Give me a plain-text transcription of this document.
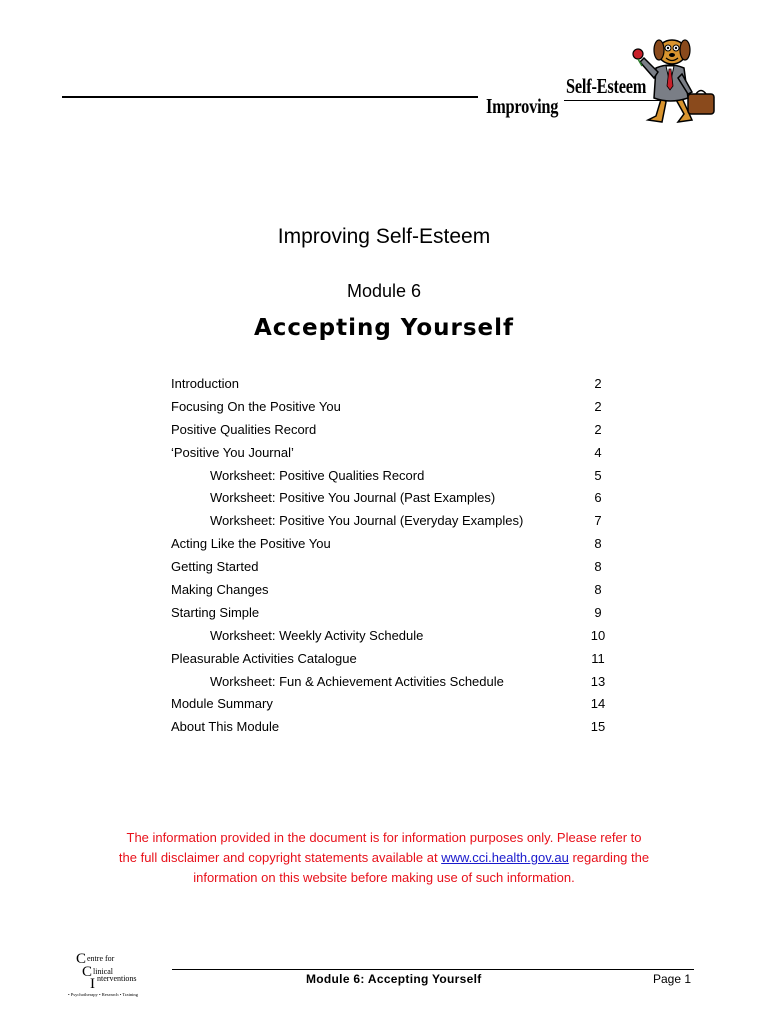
Self-Esteem
Improving
Improving Self-Esteem
Module 6
Accepting Yourself
Introduction	2
Focusing On the Positive You	2
Positive Qualities Record	2
‘Positive You Journal’	4
Worksheet: Positive Qualities Record	5
Worksheet: Positive You Journal (Past Examples)	6
Worksheet: Positive You Journal (Everyday Examples)	7
Acting Like the Positive You	8
Getting Started	8
Making Changes	8
Starting Simple	9
Worksheet: Weekly Activity Schedule	10
Pleasurable Activities Catalogue	11
Worksheet: Fun & Achievement Activities Schedule	13
Module Summary	14
About This Module	15
The information provided in the document is for information purposes only. Please refer to
the full disclaimer and copyright statements available at www.cci.health.gov.au regarding the
information on this website before making use of such information.
C entre for
C linical
I nterventions
• Psychotherapy • Research • Training
Module 6: Accepting Yourself	Page 1
